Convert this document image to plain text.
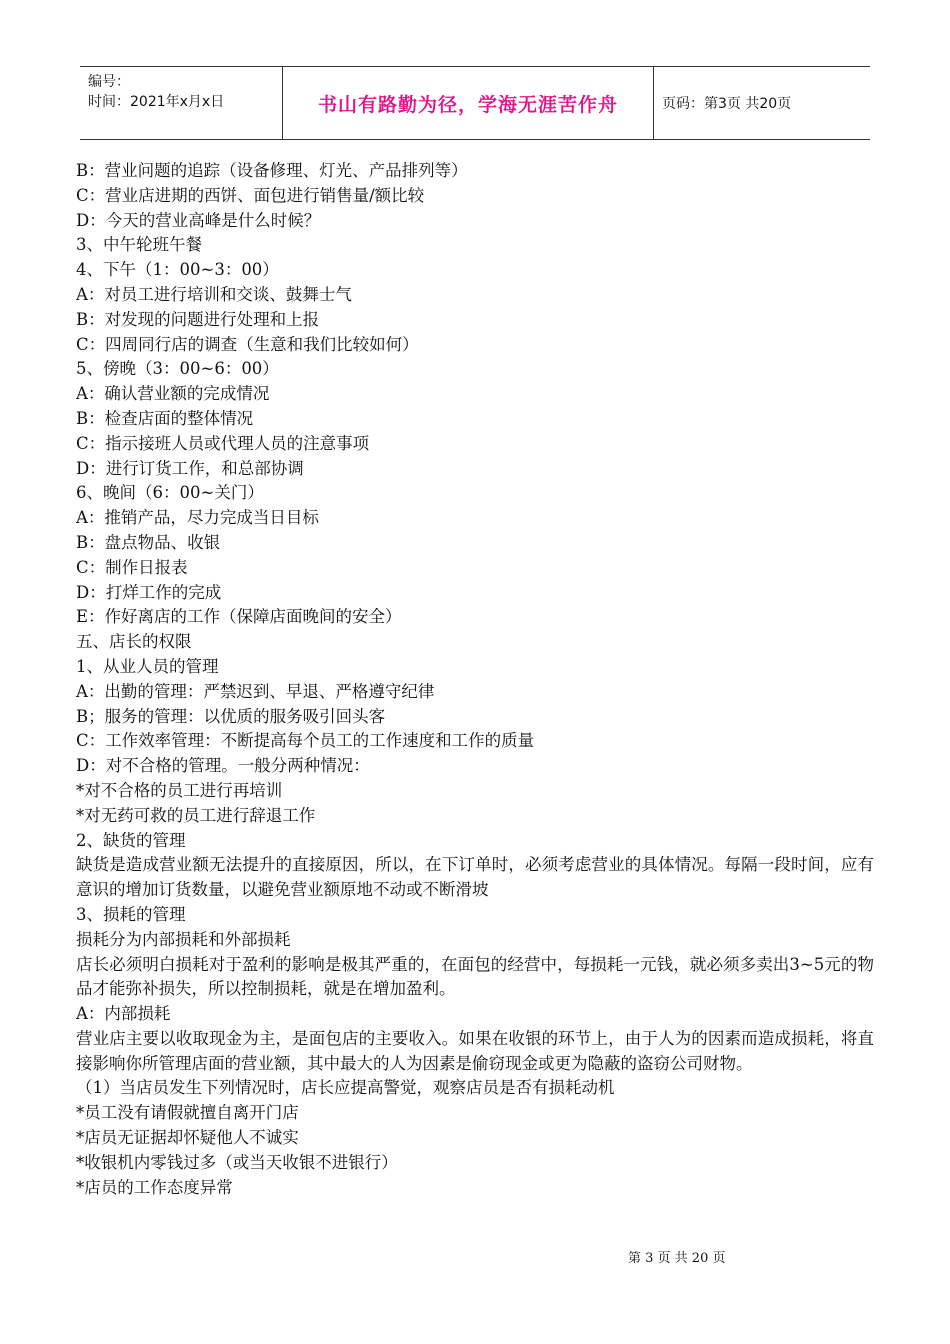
编号：
时间：2021年x月x日	书山有路勤为径，学海无涯苦作舟	页码：第3页 共20页
B：营业问题的追踪（设备修理、灯光、产品排列等）
C：营业店进期的西饼、面包进行销售量/额比较
D：今天的营业高峰是什么时候？
3、中午轮班午餐
4、下午（1：00~3：00）
A：对员工进行培训和交谈、鼓舞士气
B：对发现的问题进行处理和上报
C：四周同行店的调查（生意和我们比较如何）
5、傍晚（3：00~6：00）
A：确认营业额的完成情况
B：检查店面的整体情况
C：指示接班人员或代理人员的注意事项
D：进行订货工作，和总部协调
6、晚间（6：00~关门）
A：推销产品，尽力完成当日目标
B：盘点物品、收银
C：制作日报表
D：打烊工作的完成
E：作好离店的工作（保障店面晚间的安全）
五、店长的权限
1、从业人员的管理
A：出勤的管理：严禁迟到、早退、严格遵守纪律
B；服务的管理：以优质的服务吸引回头客
C：工作效率管理：不断提高每个员工的工作速度和工作的质量
D：对不合格的管理。一般分两种情况：
*对不合格的员工进行再培训
*对无药可救的员工进行辞退工作
2、缺货的管理
缺货是造成营业额无法提升的直接原因，所以，在下订单时，必须考虑营业的具体情况。每隔一段时间，应有意识的增加订货数量，以避免营业额原地不动或不断滑坡
3、损耗的管理
损耗分为内部损耗和外部损耗
店长必须明白损耗对于盈利的影响是极其严重的，在面包的经营中，每损耗一元钱，就必须多卖出3~5元的物品才能弥补损失，所以控制损耗，就是在增加盈利。
A：内部损耗
营业店主要以收取现金为主，是面包店的主要收入。如果在收银的环节上，由于人为的因素而造成损耗，将直接影响你所管理店面的营业额，其中最大的人为因素是偷窃现金或更为隐蔽的盗窃公司财物。
（1）当店员发生下列情况时，店长应提高警觉，观察店员是否有损耗动机
*员工没有请假就擅自离开门店
*店员无证据却怀疑他人不诚实
*收银机内零钱过多（或当天收银不进银行）
*店员的工作态度异常
第 3 页 共 20 页
